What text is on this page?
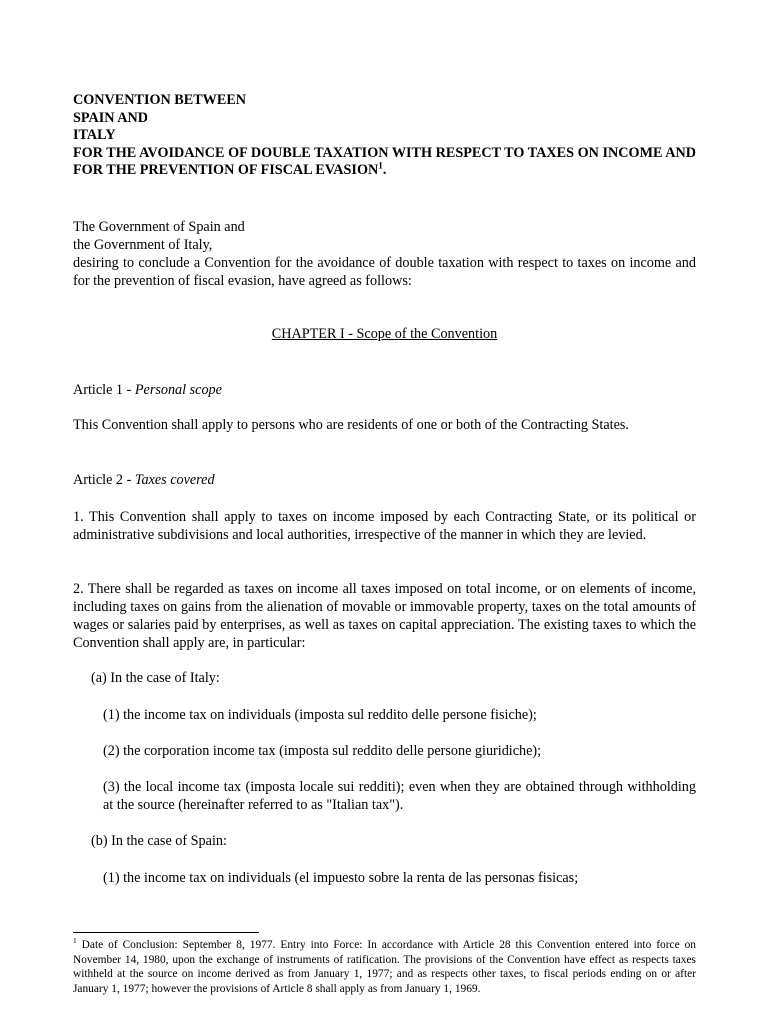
CONVENTION BETWEEN
SPAIN AND
ITALY
FOR THE AVOIDANCE OF DOUBLE TAXATION WITH RESPECT TO TAXES ON INCOME AND FOR THE PREVENTION OF FISCAL EVASION$^1$.
The Government of Spain and
the Government of Italy,
desiring to conclude a Convention for the avoidance of double taxation with respect to taxes on income and for the prevention of fiscal evasion, have agreed as follows:
CHAPTER I - Scope of the Convention
Article 1 - Personal scope
This Convention shall apply to persons who are residents of one or both of the Contracting States.
Article 2 - Taxes covered
1. This Convention shall apply to taxes on income imposed by each Contracting State, or its political or administrative subdivisions and local authorities, irrespective of the manner in which they are levied.
2. There shall be regarded as taxes on income all taxes imposed on total income, or on elements of income, including taxes on gains from the alienation of movable or immovable property, taxes on the total amounts of wages or salaries paid by enterprises, as well as taxes on capital appreciation. The existing taxes to which the Convention shall apply are, in particular:
(a) In the case of Italy:
(1) the income tax on individuals (imposta sul reddito delle persone fisiche);
(2) the corporation income tax (imposta sul reddito delle persone giuridiche);
(3) the local income tax (imposta locale sui redditi); even when they are obtained through withholding at the source (hereinafter referred to as "Italian tax").
(b) In the case of Spain:
(1) the income tax on individuals (el impuesto sobre la renta de las personas fisicas;
$^1$ Date of Conclusion: September 8, 1977. Entry into Force: In accordance with Article 28 this Convention entered into force on November 14, 1980, upon the exchange of instruments of ratification. The provisions of the Convention have effect as respects taxes withheld at the source on income derived as from January 1, 1977; and as respects other taxes, to fiscal periods ending on or after January 1, 1977; however the provisions of Article 8 shall apply as from January 1, 1969.
